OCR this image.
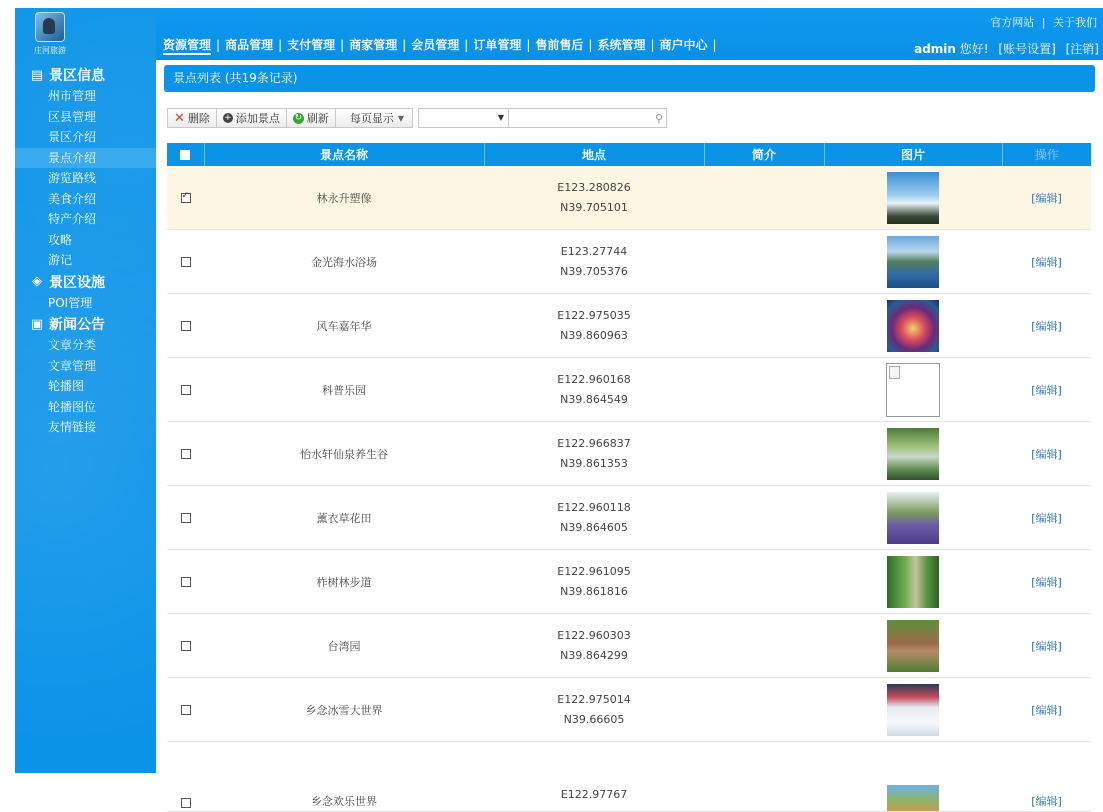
庄河旅游
▤ 景区信息
州市管理
区县管理
景区介绍
景点介绍
游览路线
美食介绍
特产介绍
攻略
游记
◈ 景区设施
POI管理
▣ 新闻公告
文章分类
文章管理
轮播图
轮播图位
友情链接
官方网站 | 关于我们
资源管理 | 商品管理 | 支付管理 | 商家管理 | 会员管理 | 订单管理 | 售前售后 | 系统管理 | 商户中心 |	admin 您好! [账号设置] [注销]
景点列表 (共19条记录)
✕ 删除 + 添加景点 ↻ 刷新 每页显示 ▼	▼	⚲
	景点名称	地点	简介	图片	操作
✓	林永升塑像	E123.280826
N39.705101			[编辑]
	金光海水浴场	E123.27744
N39.705376			[编辑]
	风车嘉年华	E122.975035
N39.860963			[编辑]
	科普乐园	E122.960168
N39.864549			[编辑]
	怡水轩仙泉养生谷	E122.966837
N39.861353			[编辑]
	薰衣草花田	E122.960118
N39.864605			[编辑]
	柞树林步道	E122.961095
N39.861816			[编辑]
	台湾园	E122.960303
N39.864299			[编辑]
	乡念冰雪大世界	E122.975014
N39.66605			[编辑]
	乡念欢乐世界	E122.97767			[编辑]
